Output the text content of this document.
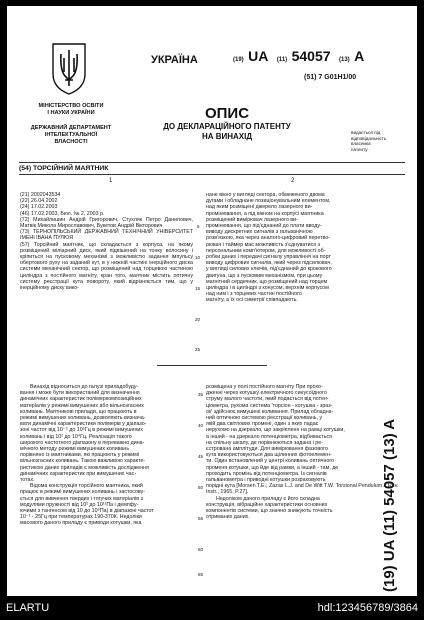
МІНІСТЕРСТВО ОСВІТИ
І НАУКИ УКРАЇНИ
ДЕРЖАВНИЙ ДЕПАРТАМЕНТ
ІНТЕЛЕКТУАЛЬНОЇ
ВЛАСНОСТІ
УКРАЇНА	(19) UA (11) 54057 (13) A
(51) 7 G01H1/00
ОПИС
ДО ДЕКЛАРАЦІЙНОГО ПАТЕНТУ
НА ВИНАХІД	видається під
відповідальність
власника
патенту
(54) ТОРСІЙНИЙ МАЯТНИК
1	2
(21) 2002043534
(22) 26.04.2002
(24) 17.02.2003
(46) 17.02.2003, Бюл. № 2, 2003 р.
(72) Михайлишин Андрій Григорович, Стухляк Петро Данилович, Матвік Микола Мирославович, Букетов Андрій Вікторович
(73) ТЕРНОПІЛЬСЬКИЙ ДЕРЖАВНИЙ ТЕХНІЧНИЙ УНІВЕРСИТЕТ ІМЕНІ ІВАНА ПУЛЮЯ
(57) Торсійний маятник, що складається з корпуса, на якому розміщений міліарний диск, який підвішений на тонку волосину і кріпиться на пусковому механізмі з можливістю задання імпульсу обертового руху на заданий кут, в у нижній частині інерційного диска системи механічний сектор, що розміщений над торцевою частиною циліндра з постійного магніту, кран того, маятник містить оптичну систему реєстрації кута повороту, який відрізняється тим, що у інерційному диску вико-
нане вікно у вигляді сектора, обмеженого двома
дугами і обладнане позиціонувальним елементом,
над яким розміщені джерело лазерного ви-
промінювання, а під вікном на корпусі маятника
розміщений вимірювач лазерного ви-
промінювання, що під'єднаний до плати вводу-
виводу дискретних сигналів з гальванічною
розв'язкою, яка через аналого-цифровий перетво-
рювач і таймер має можливість з'єднуватися з
персональним комп'ютером, для можливості об-
робки даних і передачі сигналу управління на порт
виводу цифрових сигналів, який через підсилювач,
у вигляді силових ключів, під'єднаний до крокового
двигуна, що з пусковим механізмом, при цьому
магнітний сердечник, що розміщений над торцем
циліндра і в циліндрі з конусом, верхнім корпусом
над ним і з торцевих частин постійного
магніту, а їх осі симетрії співпадають.
5
10
15
20
25
Винахід відноситься до галузі приладобуду-
вання і може бути використаний для визначення
динамічних характеристик полімеркомпозиційних
матеріалів у режимі вимушених або вільнозгасних
коливань. Маятникові прилади, що працюють в
режимі вимушених коливань, дозволяють визнача-
вати динамічні характеристики полімерів у діапазо-
зоні частот від 10⁻⁵ до 10⁵Гц в режимі вимушених
коливань і від 10² до 10⁴Гц. Реалізація такого
широкого частотного діапазону в переважно дина-
мічного методу режимі вимушених коливань
порівняно із маятниками, які працюють у режимі
вільнозгасних коливань. Такою важливою характе-
ристикою даних приладів є можливість дослідження
динамічних характеристик при вимушених час-
тотах.
Відома конструкція торсійного маятника, який
працює в режимі вимушених коливань і застосову-
ється для вивчення твердих і тягучих матеріалів з
модулями пружності від 10² до 10¹¹Па і демпфу-
ючими з тангенсом від 10 до 10⁹Па) в діапазоні частот
10⁻¹ - 25Гц при температурах 190-370К. Недоліки
масового даного приладу є приводи котушки, яка
35
40
45
50
55
60
65
розміщена у полі постійного магніту При прохо-
дженні через котушку електричного синусоїдного
струму малого частоти, який подається від потен-
ціометра, рухома система 'торсіон - котушка - зраз-
ок' здійснює вимушені коливання. Прилад обладна-
ний оптичною системою реєстрації коливань, у
якій два світлових промені, один з яких падає
нерухомо на дзеркало, що закріплене на рамці котушки,
а інший - на дзеркало потенціометра, відбивається
на спільну шкалу, де порівнюються задана і ре-
єстрована амплітуди. Для вимірювання фазового
кута використовуються два щілинних фотоелемен-
ти. Один встановлений у центрі коливань оптичного
променя котушки, що йде від рамки, а інший - там, де
проходить промінь від потенціометра. Із сигналів
гальванометра і приводні котушки розраховують
порідні кута [Morsen T.E., Zazas L.J. and De Witt T.W. Torsional Pendulum // Rev.
Instr., 1965, P.27].
Недоліком даного приладу є його складна
конструкція, вібраційне характеристики основних
компонентів системи, що значно знижують точність
отриманих даних.	(19) UA (11) 54057 (13) A
ELARTU	hdl:123456789/3864
